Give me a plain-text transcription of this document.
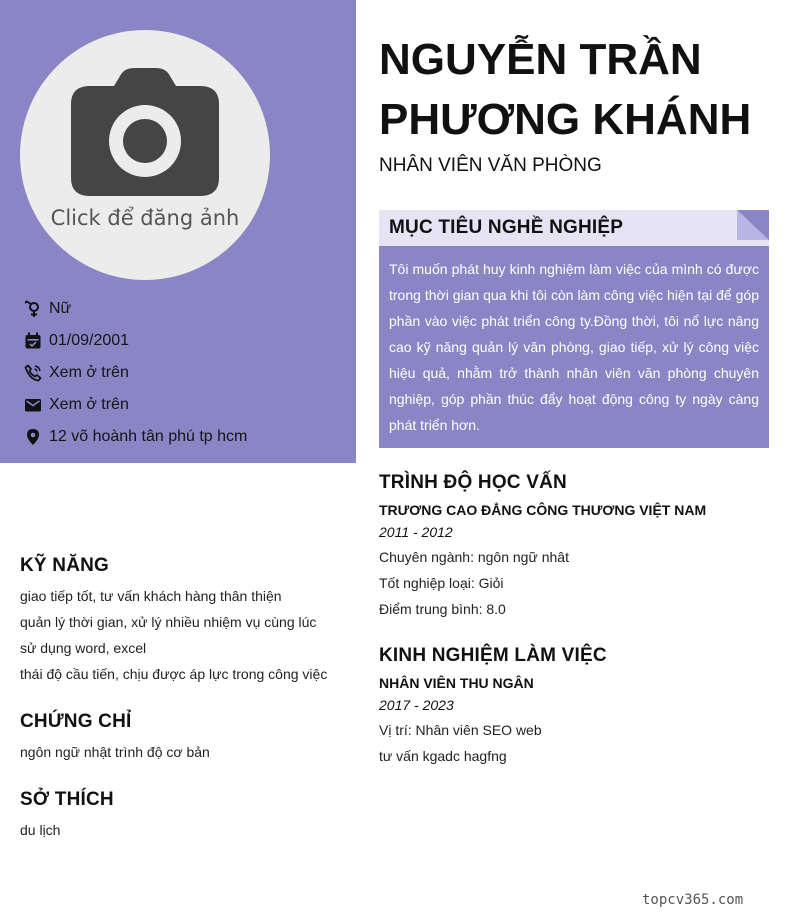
Click để đăng ảnh
Nữ
01/09/2001
Xem ở trên
Xem ở trên
12 võ hoành tân phú tp hcm
KỸ NĂNG
giao tiếp tốt, tư vấn khách hàng thân thiện
quản lý thời gian, xử lý nhiều nhiệm vụ cùng lúc
sử dụng word, excel
thái độ cầu tiến, chịu được áp lực trong công việc
CHỨNG CHỈ
ngôn ngữ nhật trình độ cơ bản
SỞ THÍCH
du lịch
NGUYỄN TRẦN PHƯƠNG KHÁNH
NHÂN VIÊN VĂN PHÒNG
MỤC TIÊU NGHỀ NGHIỆP
Tôi muốn phát huy kinh nghiệm làm việc của mình có được trong thời gian qua khi tôi còn làm công việc hiện tại để góp phần vào việc phát triển công ty.Đồng thời, tôi nổ lực nâng cao kỹ năng quản lý văn phòng, giao tiếp, xử lý công việc hiệu quả, nhằm trở thành nhân viên văn phòng chuyên nghiệp, góp phần thúc đẩy hoạt động công ty ngày càng phát triển hơn.
TRÌNH ĐỘ HỌC VẤN
TRƯƠNG CAO ĐẲNG CÔNG THƯƠNG VIỆT NAM
2011 - 2012
Chuyên ngành: ngôn ngữ nhât
Tốt nghiệp loại: Giỏi
Điểm trung bình: 8.0
KINH NGHIỆM LÀM VIỆC
NHÂN VIÊN THU NGÂN
2017 - 2023
Vị trí: Nhân viên SEO web
tư vấn kgadc hagfng
topcv365.com
